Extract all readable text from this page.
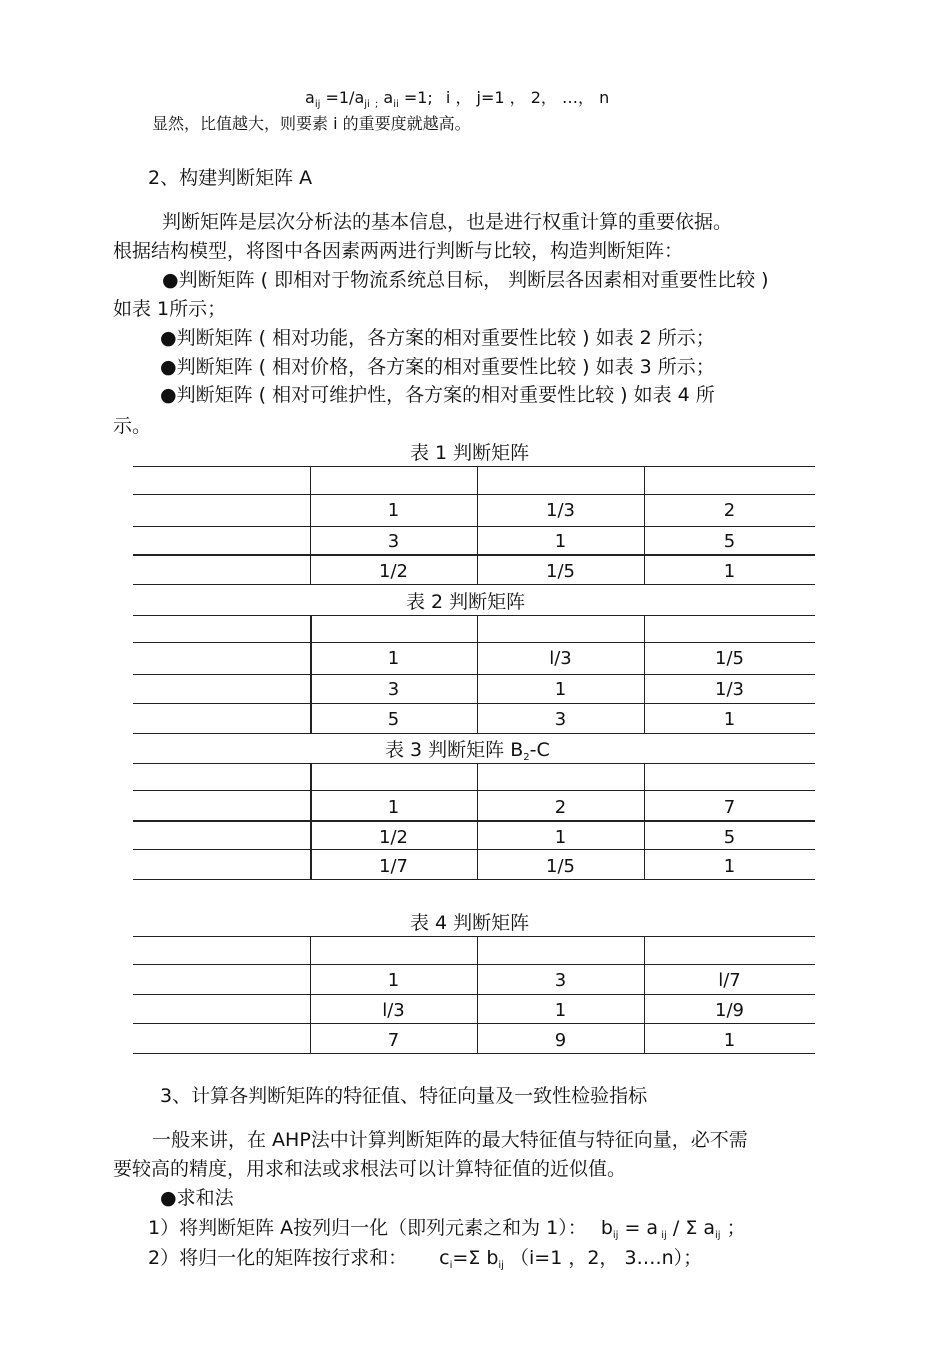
$a_{ij} =1/a_{ji}$ $_;$ $a_{ii} =1$; i ， j=1 ， 2， …， n
显然，比值越大，则要素 i 的重要度就越高。
2、构建判断矩阵 A
判断矩阵是层次分析法的基本信息，也是进行权重计算的重要依据。
根据结构模型，将图中各因素两两进行判断与比较，构造判断矩阵：
●判断矩阵 ( 即相对于物流系统总目标， 判断层各因素相对重要性比较 )
如表 1所示；
●判断矩阵 ( 相对功能，各方案的相对重要性比较 ) 如表 2 所示；
●判断矩阵 ( 相对价格，各方案的相对重要性比较 ) 如表 3 所示；
●判断矩阵 ( 相对可维护性，各方案的相对重要性比较 ) 如表 4 所
示。
表 1 判断矩阵
1	1/3	2
3	1	5
1/2	1/5	1
表 2 判断矩阵
1	l/3	1/5
3	1	1/3
5	3	1
表 3 判断矩阵 $B_2-C$
1	2	7
1/2	1	5
1/7	1/5	1
表 4 判断矩阵
1	3	l/7
l/3	1	1/9
7	9	1
3、计算各判断矩阵的特征值、特征向量及一致性检验指标
一般来讲，在 AHP法中计算判断矩阵的最大特征值与特征向量，必不需
要较高的精度，用求和法或求根法可以计算特征值的近似值。
●求和法
1）将判断矩阵 A按列归一化（即列元素之和为 1）： $b_{ij} = a$ $_{ij}$ / Σ $a_{ij}$ ；
2）将归一化的矩阵按行求和： $c_i=\Sigma$ $b_{ij}$ （i=1 ，2， 3….n）；
